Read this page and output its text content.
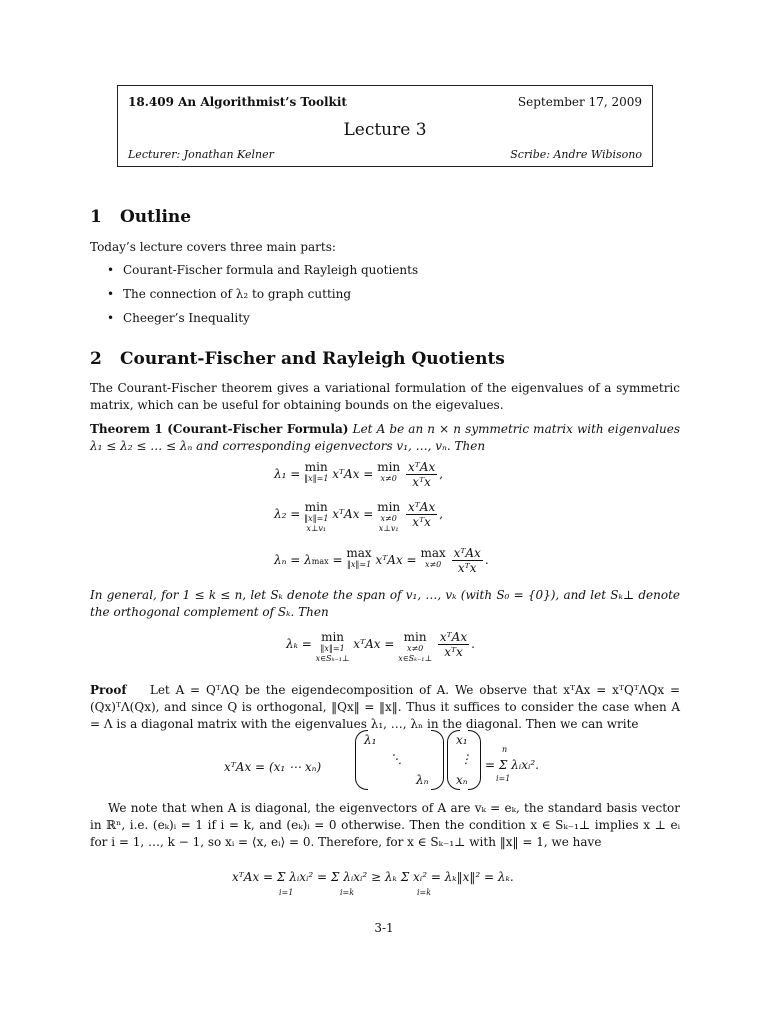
18.409 An Algorithmist’s Toolkit	September 17, 2009
Lecture 3
Lecturer: Jonathan Kelner	Scribe: Andre Wibisono
1 Outline
Today’s lecture covers three main parts:
• Courant-Fischer formula and Rayleigh quotients
• The connection of λ₂ to graph cutting
• Cheeger’s Inequality
2 Courant-Fischer and Rayleigh Quotients
The Courant-Fischer theorem gives a variational formulation of the eigenvalues of a symmetric matrix, which can be useful for obtaining bounds on the eigevalues.
Theorem 1 (Courant-Fischer Formula) Let A be an n × n symmetric matrix with eigenvalues λ₁ ≤ λ₂ ≤ … ≤ λₙ and corresponding eigenvectors v₁, …, vₙ. Then
λ₁ = min
‖x‖=1 xᵀAx = min
x≠0
$\frac{\text{xᵀAx}}{\text{xᵀx}}$ ,
λ₂ = min
‖x‖=1
x⊥v₁
xᵀAx = min
x≠0
x⊥v₁
$\frac{\text{xᵀAx}}{\text{xᵀx}}$ ,
λₙ = λmax = max
‖x‖=1 xᵀAx = max
x≠0
$\frac{\text{xᵀAx}}{\text{xᵀx}}$ .
In general, for 1 ≤ k ≤ n, let Sₖ denote the span of v₁, …, vₖ (with S₀ = {0}), and let Sₖ⊥ denote the orthogonal complement of Sₖ. Then
λₖ = min
‖x‖=1
x∈Sₖ₋₁⊥
xᵀAx = min
x≠0
x∈Sₖ₋₁⊥
$\frac{\text{xᵀAx}}{\text{xᵀx}}$ .
Proof Let A = QᵀΛQ be the eigendecomposition of A. We observe that xᵀAx = xᵀQᵀΛQx = (Qx)ᵀΛ(Qx), and since Q is orthogonal, ‖Qx‖ = ‖x‖. Thus it suffices to consider the case when A = Λ is a diagonal matrix with the eigenvalues λ₁, …, λₙ in the diagonal. Then we can write
xᵀAx = (x₁ ⋯ xₙ)
λ₁
⋱
λₙ
x₁
⋮
xₙ
n
= Σ λᵢxᵢ².
i=1
We note that when A is diagonal, the eigenvectors of A are vₖ = eₖ, the standard basis vector in ℝⁿ, i.e. (eₖ)ᵢ = 1 if i = k, and (eₖ)ᵢ = 0 otherwise. Then the condition x ∈ Sₖ₋₁⊥ implies x ⊥ eᵢ for i = 1, …, k − 1, so xᵢ = ⟨x, eᵢ⟩ = 0. Therefore, for x ∈ Sₖ₋₁⊥ with ‖x‖ = 1, we have
xᵀAx = Σ λᵢxᵢ² = Σ λᵢxᵢ² ≥ λₖ Σ xᵢ² = λₖ‖x‖² = λₖ.
i=1	i=k	i=k
3-1
